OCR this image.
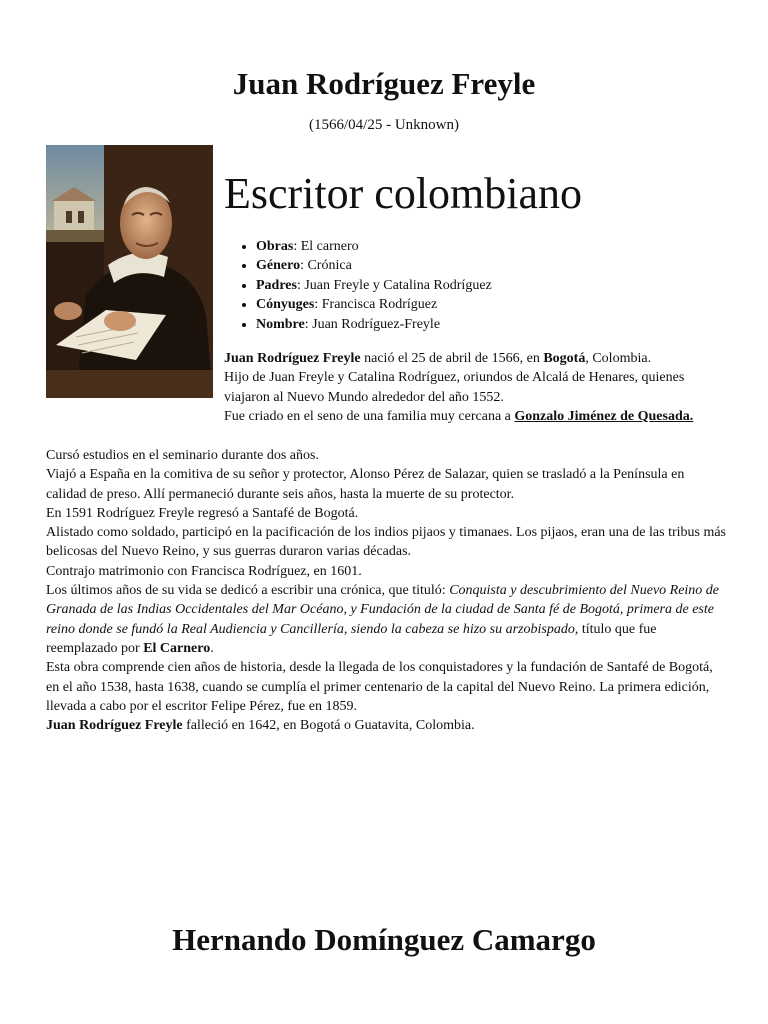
Juan Rodríguez Freyle
(1566/04/25 - Unknown)
Escritor colombiano
• Obras: El carnero
• Género: Crónica
• Padres: Juan Freyle y Catalina Rodríguez
• Cónyuges: Francisca Rodríguez
• Nombre: Juan Rodríguez-Freyle

Juan Rodríguez Freyle nació el 25 de abril de 1566, en Bogotá, Colombia.

Hijo de Juan Freyle y Catalina Rodríguez, oriundos de Alcalá de Henares, quienes viajaron al Nuevo Mundo alrededor del año 1552.

Fue criado en el seno de una familia muy cercana a Gonzalo Jiménez de Quesada.

Cursó estudios en el seminario durante dos años.

Viajó a España en la comitiva de su señor y protector, Alonso Pérez de Salazar, quien se trasladó a la Península en calidad de preso. Allí permaneció durante seis años, hasta la muerte de su protector.

En 1591 Rodríguez Freyle regresó a Santafé de Bogotá.

Alistado como soldado, participó en la pacificación de los indios pijaos y timanaes. Los pijaos, eran una de las tribus más belicosas del Nuevo Reino, y sus guerras duraron varias décadas.

Contrajo matrimonio con Francisca Rodríguez, en 1601.

Los últimos años de su vida se dedicó a escribir una crónica, que tituló: Conquista y descubrimiento del Nuevo Reino de Granada de las Indias Occidentales del Mar Océano, y Fundación de la ciudad de Santa fé de Bogotá, primera de este reino donde se fundó la Real Audiencia y Cancillería, siendo la cabeza se hizo su arzobispado, título que fue reemplazado por El Carnero.

Esta obra comprende cien años de historia, desde la llegada de los conquistadores y la fundación de Santafé de Bogotá, en el año 1538, hasta 1638, cuando se cumplía el primer centenario de la capital del Nuevo Reino. La primera edición, llevada a cabo por el escritor Felipe Pérez, fue en 1859.

Juan Rodríguez Freyle falleció en 1642, en Bogotá o Guatavita, Colombia.

Hernando Domínguez Camargo
